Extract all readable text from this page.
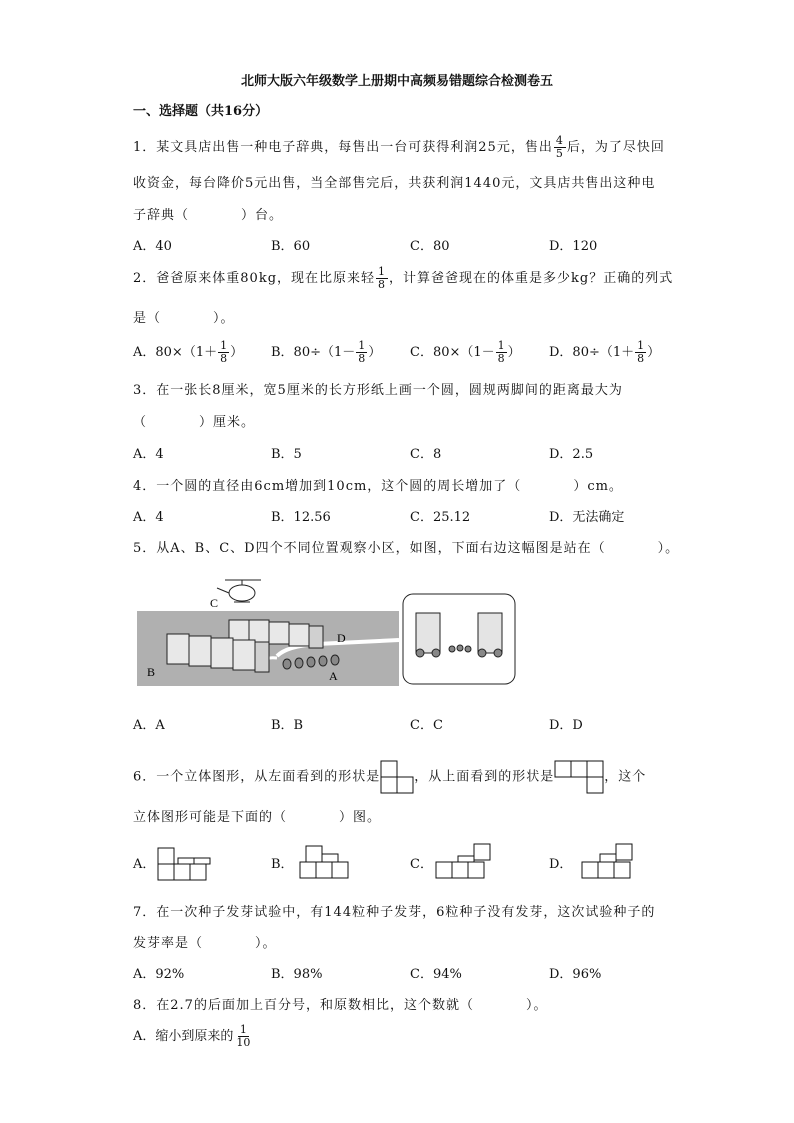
北师大版六年级数学上册期中高频易错题综合检测卷五
一、选择题（共16分）
1．某文具店出售一种电子辞典，每售出一台可获得利润25元，售出 $\frac{4}{5}$ 后，为了尽快回
收资金，每台降价5元出售，当全部售完后，共获利润1440元，文具店共售出这种电
子辞典（	）台。
A．40	B．60	C．80	D．120
2．爸爸原来体重80kg，现在比原来轻 $\frac{1}{8}$ ，计算爸爸现在的体重是多少kg？正确的列式
是（	）。
A．$80\times(1+ \frac{1}{8}$ ） B．$80\div(1- \frac{1}{8}$ ） C．$80\times(1- \frac{1}{8}$ ） D．$80\div(1+ \frac{1}{8}$ ）
3．在一张长8厘米，宽5厘米的长方形纸上画一个圆，圆规两脚间的距离最大为
（	）厘米。
A．4	B．5	C．8	D．2.5
4．一个圆的直径由6cm增加到10cm，这个圆的周长增加了（	）cm。
A．4	B．12.56	C．25.12	D．无法确定
5．从A、B、C、D四个不同位置观察小区，如图，下面右边这幅图是站在（	）。
C
D
B	A
A．A	B．B	C．C	D．D
6．一个立体图形，从左面看到的形状是	，从上面看到的形状是	，这个
立体图形可能是下面的（	）图。
A．	B．	C．	D．
7．在一次种子发芽试验中，有144粒种子发芽，6粒种子没有发芽，这次试验种子的
发芽率是（	）。
A．92%	B．98%	C．94%	D．96%
8．在2.7的后面加上百分号，和原数相比，这个数就（	）。
A．缩小到原来的 $\frac{1}{10}$
